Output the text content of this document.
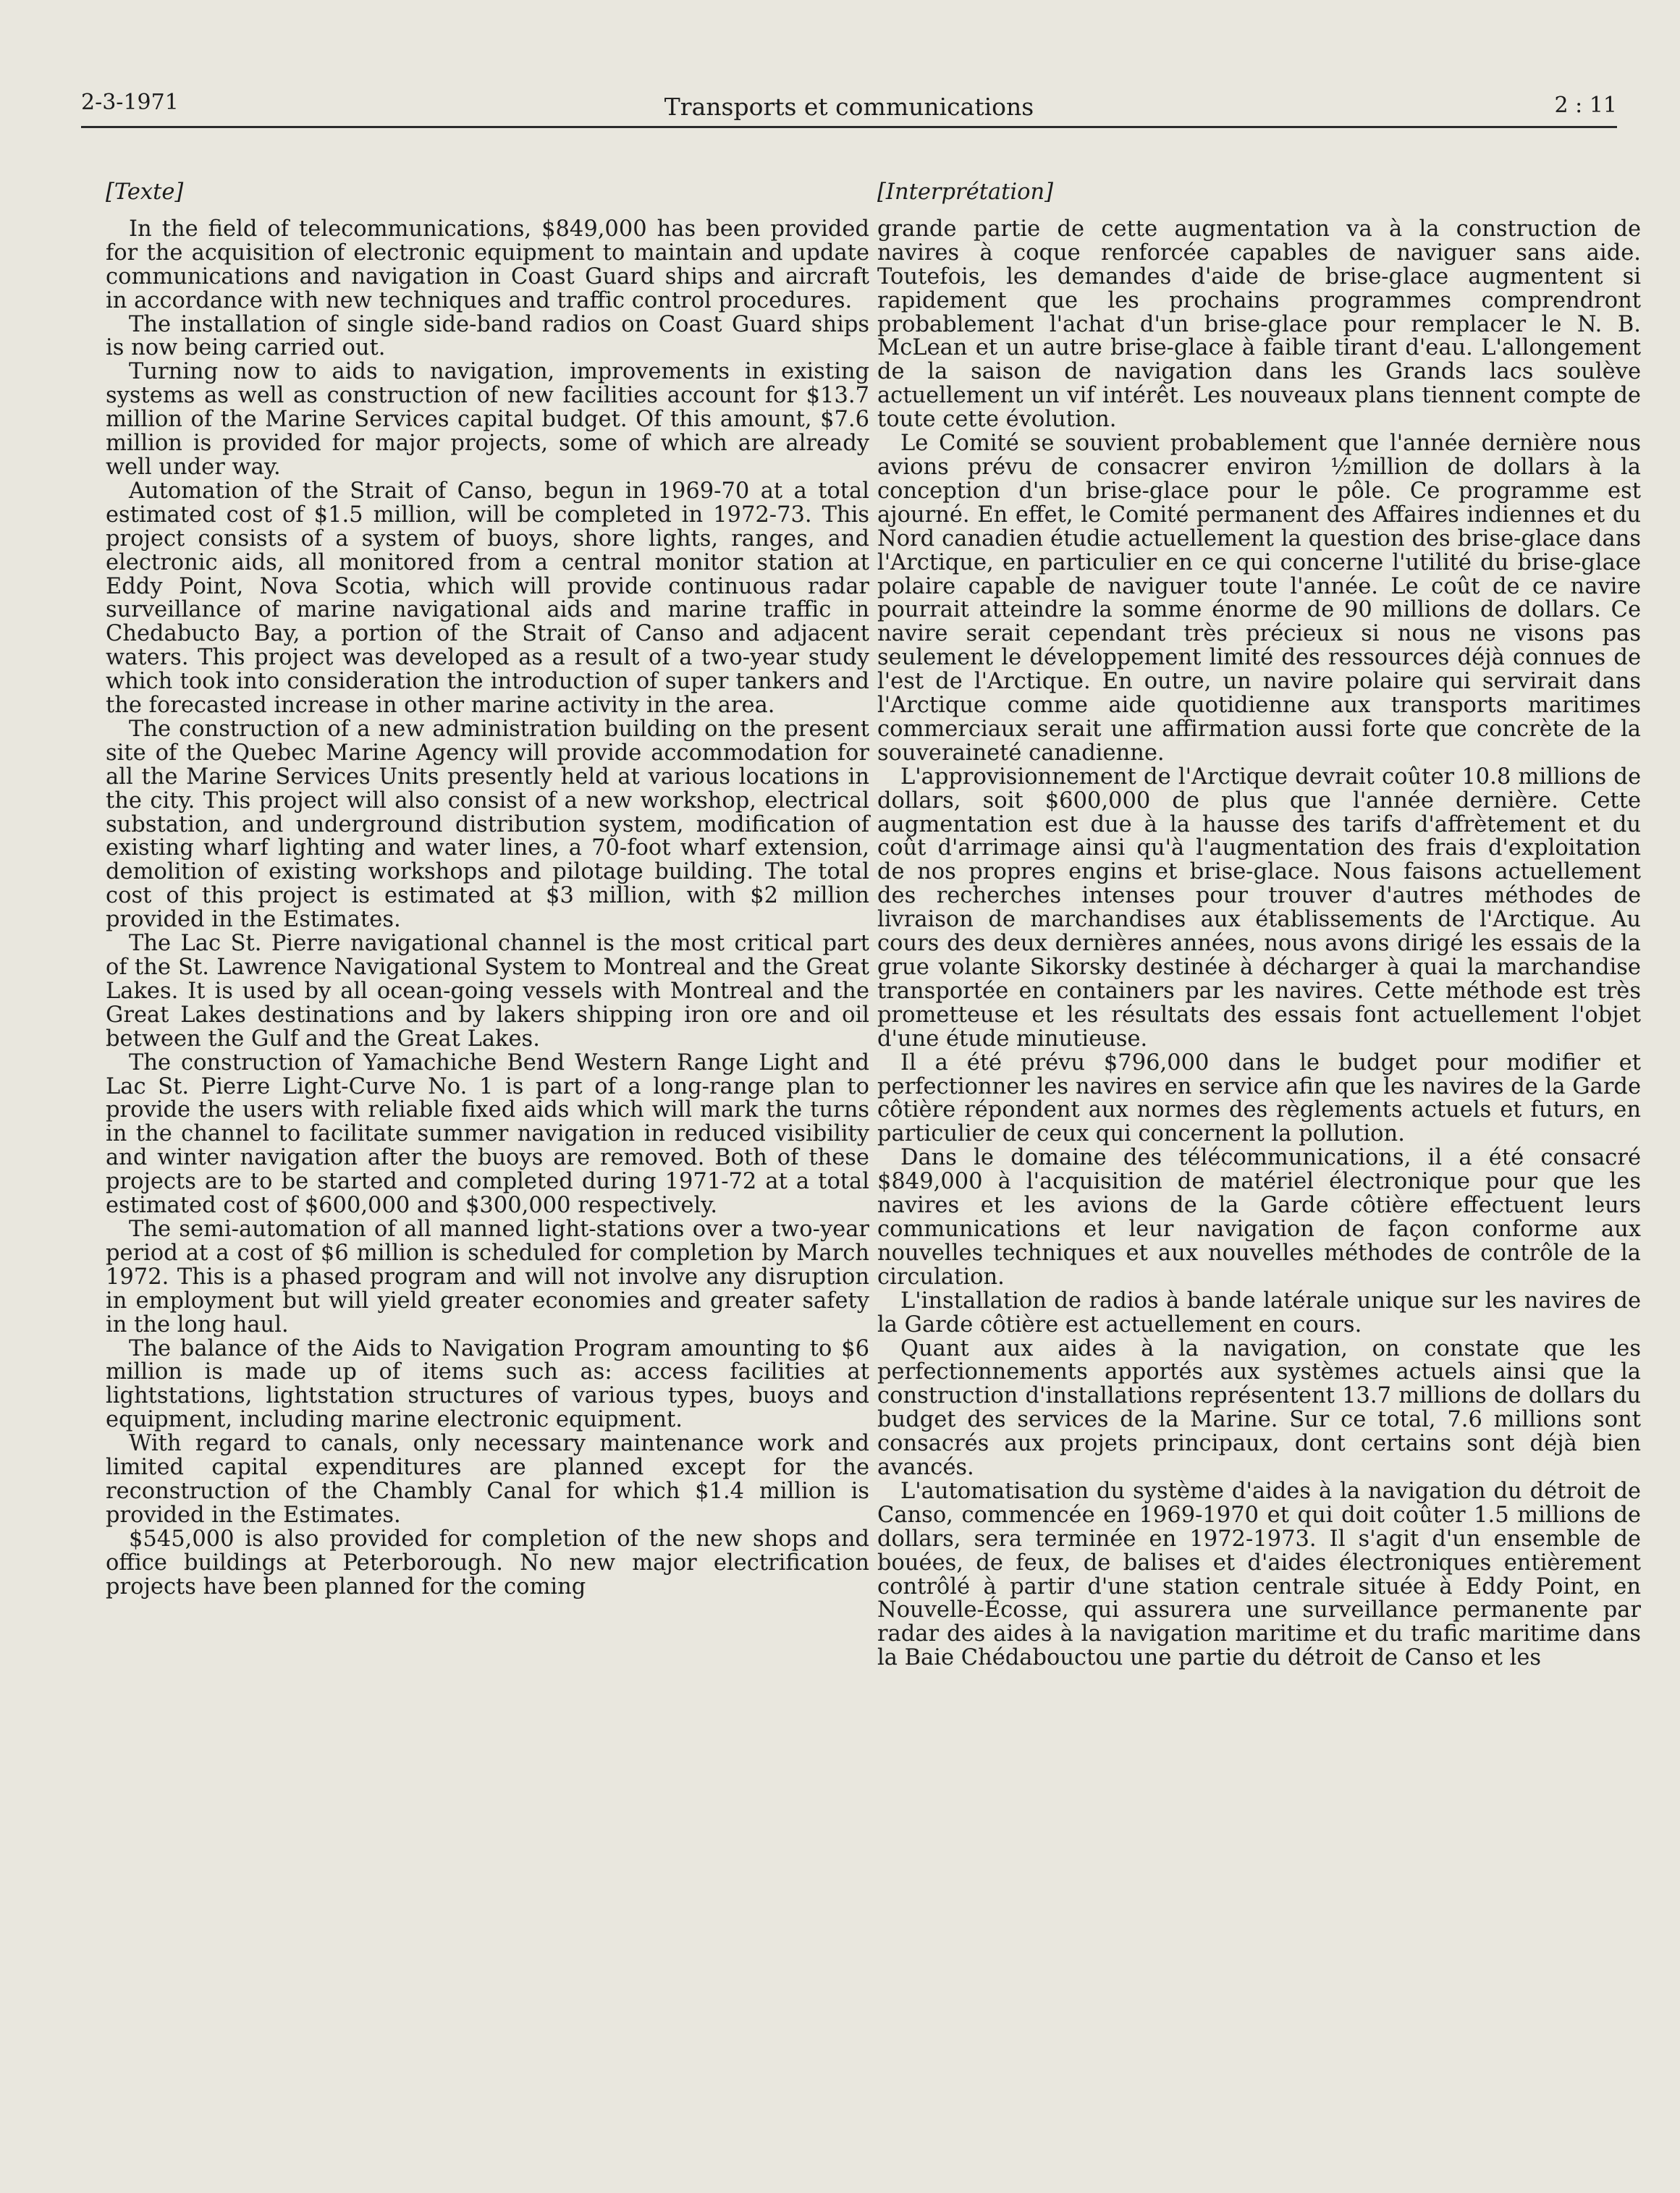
2-3-1971	Transports et communications	2 : 11
[Texte]

In the field of telecommunications, $849,000 has been provided for the acquisition of electronic equipment to maintain and update communications and navigation in Coast Guard ships and aircraft in accordance with new techniques and traffic control procedures.

The installation of single side-band radios on Coast Guard ships is now being carried out.

Turning now to aids to navigation, improvements in existing systems as well as construction of new facilities account for $13.7 million of the Marine Services capital budget. Of this amount, $7.6 million is provided for major projects, some of which are already well under way.

Automation of the Strait of Canso, begun in 1969-70 at a total estimated cost of $1.5 million, will be completed in 1972-73. This project consists of a system of buoys, shore lights, ranges, and electronic aids, all monitored from a central monitor station at Eddy Point, Nova Scotia, which will provide continuous radar surveillance of marine navigational aids and marine traffic in Chedabucto Bay, a portion of the Strait of Canso and adjacent waters. This project was developed as a result of a two-year study which took into consideration the introduction of super tankers and the forecasted increase in other marine activity in the area.

The construction of a new administration building on the present site of the Quebec Marine Agency will provide accommodation for all the Marine Services Units presently held at various locations in the city. This project will also consist of a new workshop, electrical substation, and underground distribution system, modification of existing wharf lighting and water lines, a 70-foot wharf extension, demolition of existing workshops and pilotage building. The total cost of this project is estimated at $3 million, with $2 million provided in the Estimates.

The Lac St. Pierre navigational channel is the most critical part of the St. Lawrence Navigational System to Montreal and the Great Lakes. It is used by all ocean-going vessels with Montreal and the Great Lakes destinations and by lakers shipping iron ore and oil between the Gulf and the Great Lakes.

The construction of Yamachiche Bend Western Range Light and Lac St. Pierre Light-Curve No. 1 is part of a long-range plan to provide the users with reliable fixed aids which will mark the turns in the channel to facilitate summer navigation in reduced visibility and winter navigation after the buoys are removed. Both of these projects are to be started and completed during 1971-72 at a total estimated cost of $600,000 and $300,000 respectively.

The semi-automation of all manned light-stations over a two-year period at a cost of $6 million is scheduled for completion by March 1972. This is a phased program and will not involve any disruption in employment but will yield greater economies and greater safety in the long haul.

The balance of the Aids to Navigation Program amounting to $6 million is made up of items such as: access facilities at lightstations, lightstation structures of various types, buoys and equipment, including marine electronic equipment.

With regard to canals, only necessary maintenance work and limited capital expenditures are planned except for the reconstruction of the Chambly Canal for which $1.4 million is provided in the Estimates.

$545,000 is also provided for completion of the new shops and office buildings at Peterborough. No new major electrification projects have been planned for the coming

[Interprétation]

grande partie de cette augmentation va à la construction de navires à coque renforcée capables de naviguer sans aide. Toutefois, les demandes d'aide de brise-glace augmentent si rapidement que les prochains programmes comprendront probablement l'achat d'un brise-glace pour remplacer le N. B. McLean et un autre brise-glace à faible tirant d'eau. L'allongement de la saison de navigation dans les Grands lacs soulève actuellement un vif intérêt. Les nouveaux plans tiennent compte de toute cette évolution.

Le Comité se souvient probablement que l'année dernière nous avions prévu de consacrer environ ½million de dollars à la conception d'un brise-glace pour le pôle. Ce programme est ajourné. En effet, le Comité permanent des Affaires indiennes et du Nord canadien étudie actuellement la question des brise-glace dans l'Arctique, en particulier en ce qui concerne l'utilité du brise-glace polaire capable de naviguer toute l'année. Le coût de ce navire pourrait atteindre la somme énorme de 90 millions de dollars. Ce navire serait cependant très précieux si nous ne visons pas seulement le développement limité des ressources déjà connues de l'est de l'Arctique. En outre, un navire polaire qui servirait dans l'Arctique comme aide quotidienne aux transports maritimes commerciaux serait une affirmation aussi forte que concrète de la souveraineté canadienne.

L'approvisionnement de l'Arctique devrait coûter 10.8 millions de dollars, soit $600,000 de plus que l'année dernière. Cette augmentation est due à la hausse des tarifs d'affrètement et du coût d'arrimage ainsi qu'à l'augmentation des frais d'exploitation de nos propres engins et brise-glace. Nous faisons actuellement des recherches intenses pour trouver d'autres méthodes de livraison de marchandises aux établissements de l'Arctique. Au cours des deux dernières années, nous avons dirigé les essais de la grue volante Sikorsky destinée à décharger à quai la marchandise transportée en containers par les navires. Cette méthode est très prometteuse et les résultats des essais font actuellement l'objet d'une étude minutieuse.

Il a été prévu $796,000 dans le budget pour modifier et perfectionner les navires en service afin que les navires de la Garde côtière répondent aux normes des règlements actuels et futurs, en particulier de ceux qui concernent la pollution.

Dans le domaine des télécommunications, il a été consacré $849,000 à l'acquisition de matériel électronique pour que les navires et les avions de la Garde côtière effectuent leurs communications et leur navigation de façon conforme aux nouvelles techniques et aux nouvelles méthodes de contrôle de la circulation.

L'installation de radios à bande latérale unique sur les navires de la Garde côtière est actuellement en cours.

Quant aux aides à la navigation, on constate que les perfectionnements apportés aux systèmes actuels ainsi que la construction d'installations représentent 13.7 millions de dollars du budget des services de la Marine. Sur ce total, 7.6 millions sont consacrés aux projets principaux, dont certains sont déjà bien avancés.

L'automatisation du système d'aides à la navigation du détroit de Canso, commencée en 1969-1970 et qui doit coûter 1.5 millions de dollars, sera terminée en 1972-1973. Il s'agit d'un ensemble de bouées, de feux, de balises et d'aides électroniques entièrement contrôlé à partir d'une station centrale située à Eddy Point, en Nouvelle-Écosse, qui assurera une surveillance permanente par radar des aides à la navigation maritime et du trafic maritime dans la Baie Chédabouctou une partie du détroit de Canso et les
